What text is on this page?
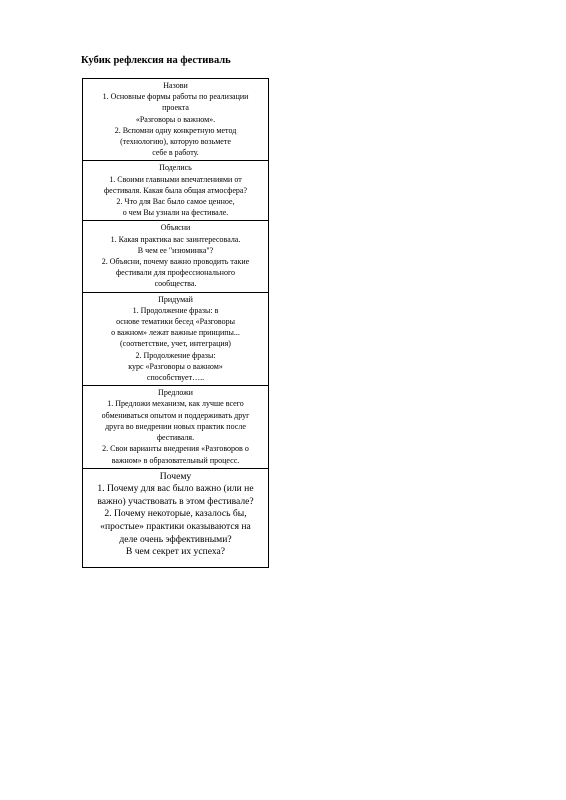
Кубик рефлексия на фестиваль
Назови
1. Основные формы работы по реализации
проекта
«Разговоры о важном».
2. Вспомни одну конкретную метод
(технологию), которую возьмете
себе в работу.

Поделись
1. Своими главными впечатлениями от
фестиваля. Какая была общая атмосфера?
2. Что для Вас было самое ценное,
о чем Вы узнали на фестивале.

Объясни
1. Какая практика вас заинтересовала.
В чем ее "изюминка"?
2. Объясни, почему важно проводить такие
фестивали для профессионального
сообщества.

Придумай
1. Продолжение фразы: в
основе тематики бесед «Разговоры
о важном» лежат важные принципы...
(соответствие, учет, интеграция)
2. Продолжение фразы:
курс «Разговоры о важном»
способствует…..

Предложи
1. Предложи механизм, как лучше всего
обмениваться опытом и поддерживать друг
друга во внедрении новых практик после
фестиваля.
2. Свои варианты внедрения «Разговоров о
важном» в образовательный процесс.

Почему
1. Почему для вас было важно (или не
важно) участвовать в этом фестивале?
2. Почему некоторые, казалось бы,
«простые» практики оказываются на
деле очень эффективными?
В чем секрет их успеха?
